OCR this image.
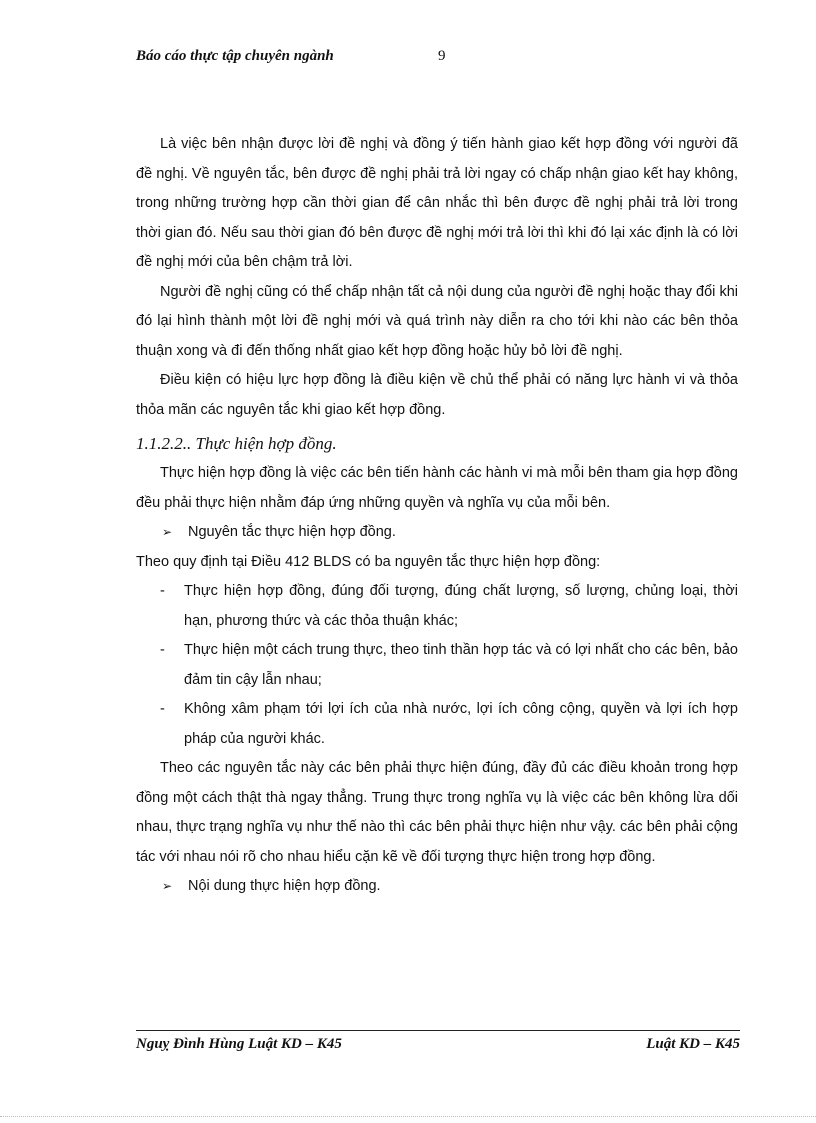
Báo cáo thực tập chuyên ngành	9

Là việc bên nhận được lời đề nghị và đồng ý tiến hành giao kết hợp đồng với người đã đề nghị. Về nguyên tắc, bên được đề nghị phải trả lời ngay có chấp nhận giao kết hay không, trong những trường hợp cần thời gian để cân nhắc thì bên được đề nghị phải trả lời trong thời gian đó. Nếu sau thời gian đó bên được đề nghị mới trả lời thì khi đó lại xác định là có lời đề nghị mới của bên chậm trả lời.

Người đề nghị cũng có thể chấp nhận tất cả nội dung của người đề nghị hoặc thay đổi khi đó lại hình thành một lời đề nghị mới và quá trình này diễn ra cho tới khi nào các bên thỏa thuận xong và đi đến thống nhất giao kết hợp đồng hoặc hủy bỏ lời đề nghị.

Điều kiện có hiệu lực hợp đồng là điều kiện về chủ thể phải có năng lực hành vi và thỏa thỏa mãn các nguyên tắc khi giao kết hợp đồng.

1.1.2.2.. Thực hiện hợp đồng.

Thực hiện hợp đồng là việc các bên tiến hành các hành vi mà mỗi bên tham gia hợp đồng đều phải thực hiện nhằm đáp ứng những quyền và nghĩa vụ của mỗi bên.

➢ Nguyên tắc thực hiện hợp đồng.

Theo quy định tại Điều 412 BLDS có ba nguyên tắc thực hiện hợp đồng:

- Thực hiện hợp đồng, đúng đối tượng, đúng chất lượng, số lượng, chủng loại, thời hạn, phương thức và các thỏa thuận khác;

- Thực hiện một cách trung thực, theo tinh thần hợp tác và có lợi nhất cho các bên, bảo đảm tin cậy lẫn nhau;

- Không xâm phạm tới lợi ích của nhà nước, lợi ích công cộng, quyền và lợi ích hợp pháp của người khác.

Theo các nguyên tắc này các bên phải thực hiện đúng, đầy đủ các điều khoản trong hợp đồng một cách thật thà ngay thẳng. Trung thực trong nghĩa vụ là việc các bên không lừa dối nhau, thực trạng nghĩa vụ như thế nào thì các bên phải thực hiện như vậy. các bên phải cộng tác với nhau nói rõ cho nhau hiểu cặn kẽ về đối tượng thực hiện trong hợp đồng.

➢ Nội dung thực hiện hợp đồng.

Nguỵ Đình Hùng Luật KD – K45	Luật KD – K45
